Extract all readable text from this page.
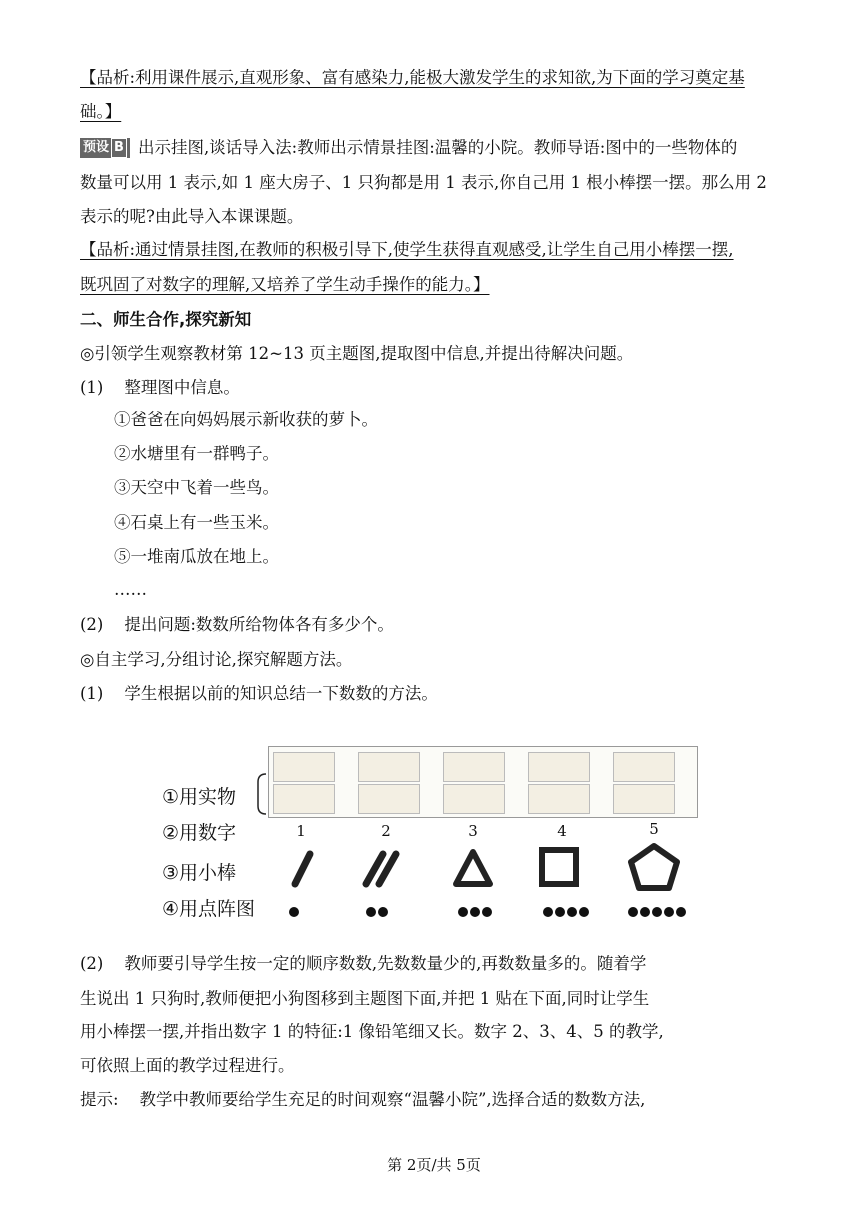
【品析:利用课件展示,直观形象、富有感染力,能极大激发学生的求知欲,为下面的学习奠定基
础。】
预设 B 出示挂图,谈话导入法:教师出示情景挂图:温馨的小院。教师导语:图中的一些物体的
数量可以用 1 表示,如 1 座大房子、1 只狗都是用 1 表示,你自己用 1 根小棒摆一摆。那么用 2
表示的呢?由此导入本课课题。
【品析:通过情景挂图,在教师的积极引导下,使学生获得直观感受,让学生自己用小棒摆一摆,
既巩固了对数字的理解,又培养了学生动手操作的能力。】
二、师生合作,探究新知
◎引领学生观察教材第 12~13 页主题图,提取图中信息,并提出待解决问题。
(1) 整理图中信息。
①爸爸在向妈妈展示新收获的萝卜。
②水塘里有一群鸭子。
③天空中飞着一些鸟。
④石桌上有一些玉米。
⑤一堆南瓜放在地上。
……
(2) 提出问题:数数所给物体各有多少个。
◎自主学习,分组讨论,探究解题方法。
(1) 学生根据以前的知识总结一下数数的方法。
①用实物
②用数字
③用小棒
④用点阵图
1	2	3	4	5
(2) 教师要引导学生按一定的顺序数数,先数数量少的,再数数量多的。随着学
生说出 1 只狗时,教师便把小狗图移到主题图下面,并把 1 贴在下面,同时让学生
用小棒摆一摆,并指出数字 1 的特征:1 像铅笔细又长。数字 2、3、4、5 的教学,
可依照上面的教学过程进行。
提示: 教学中教师要给学生充足的时间观察“温馨小院”,选择合适的数数方法,
第 2页/共 5页
